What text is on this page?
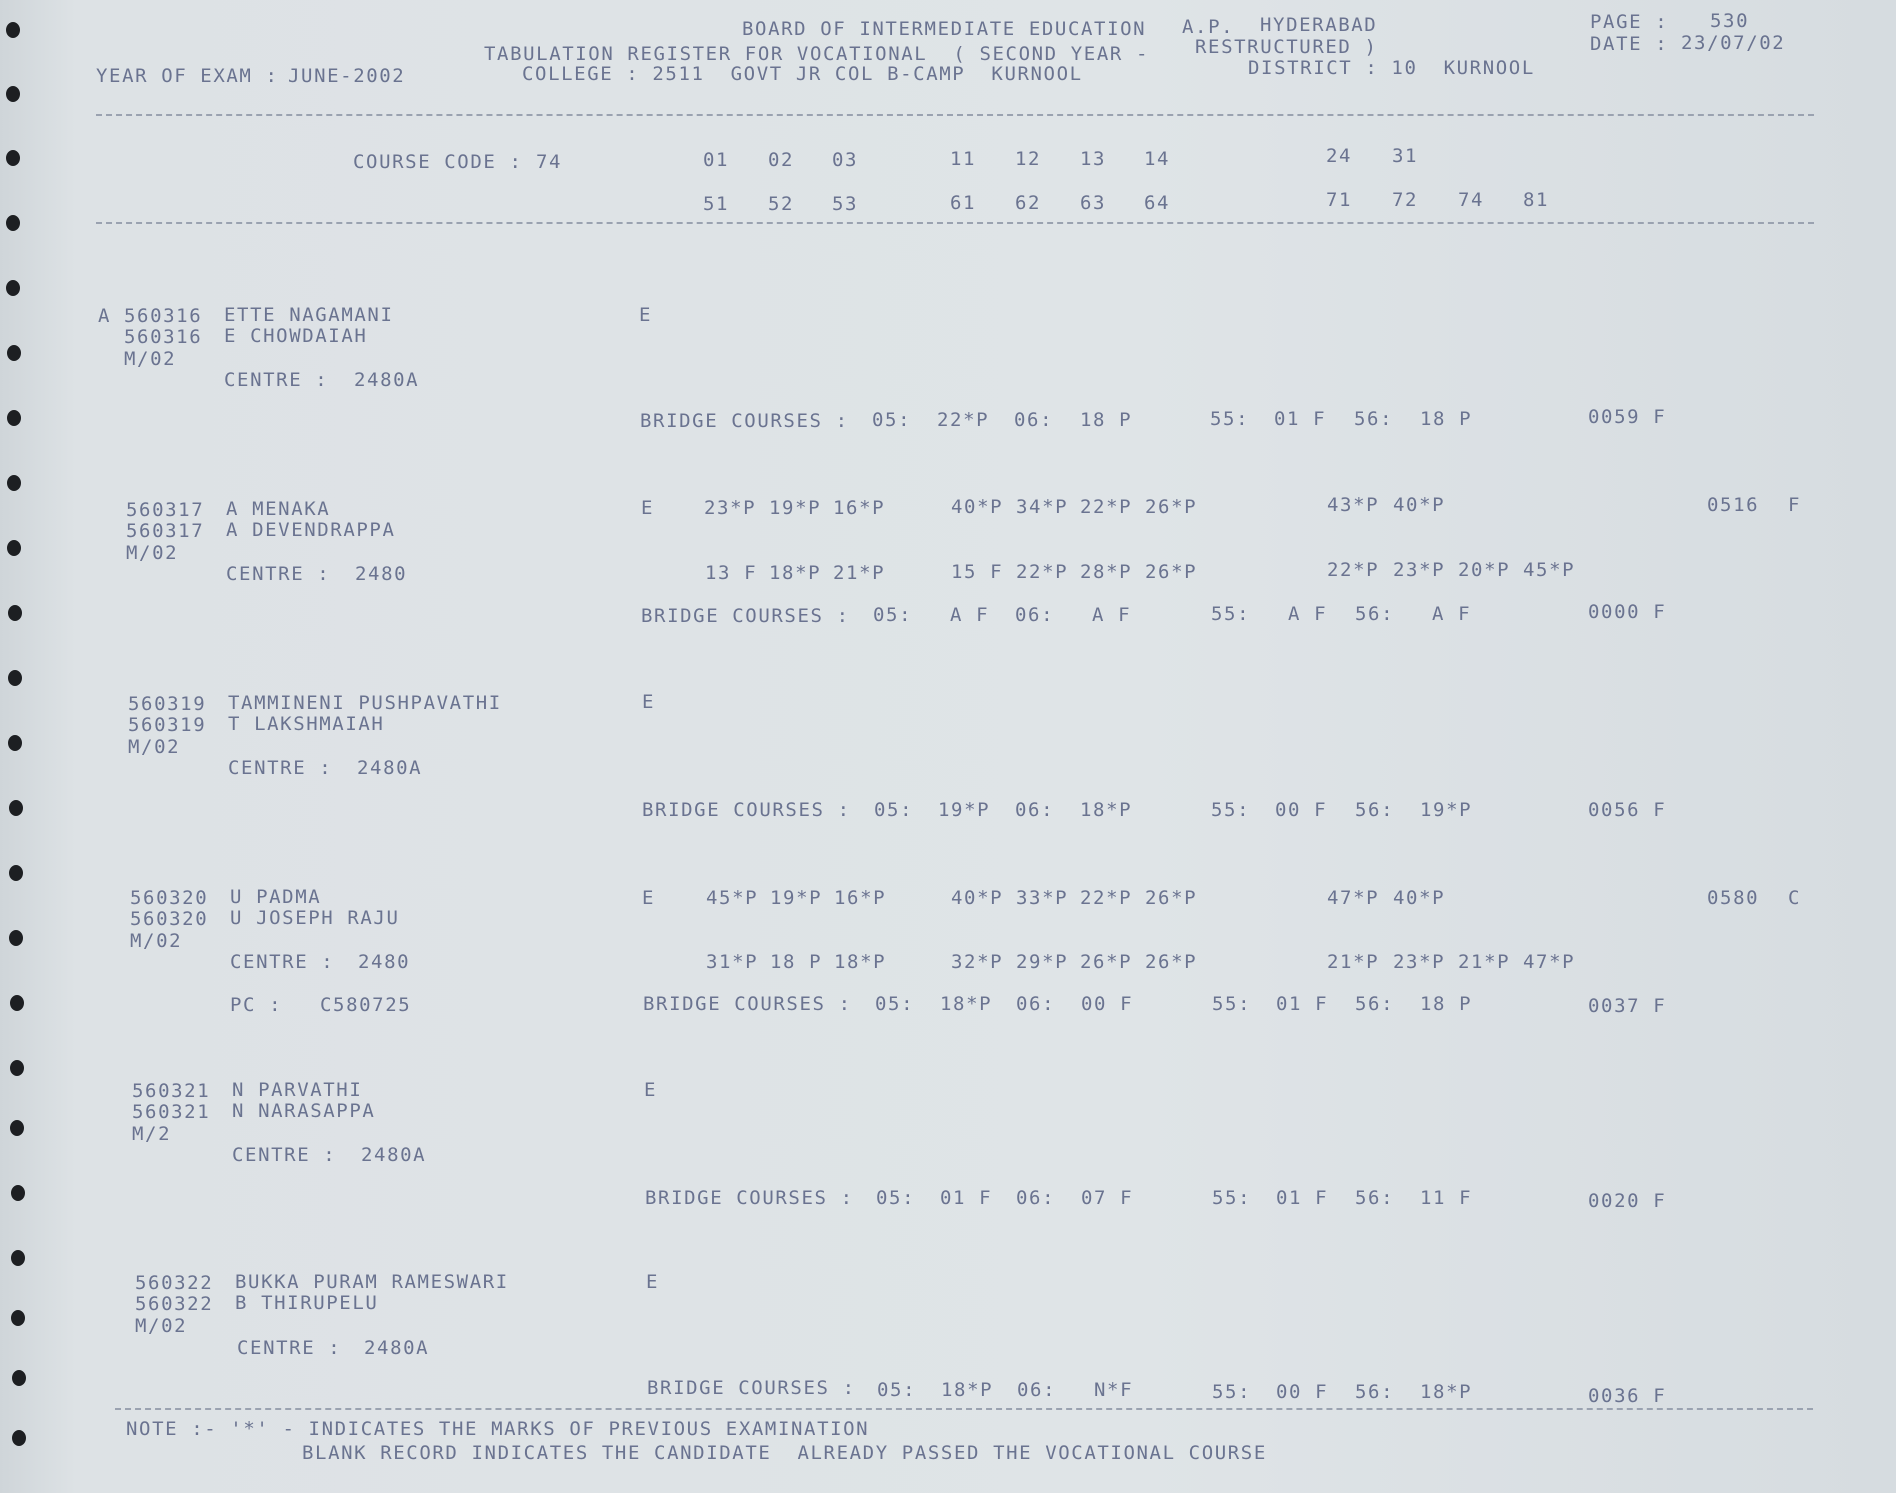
BOARD OF INTERMEDIATE EDUCATION A.P. HYDERABAD	PAGE : 530
TABULATION REGISTER FOR VOCATIONAL  ( SECOND YEAR - RESTRUCTURED )	DATE : 23/07/02
YEAR OF EXAM : JUNE-2002	COLLEGE : 2511  GOVT JR COL B-CAMP  KURNOOL	DISTRICT : 10  KURNOOL
COURSE CODE : 74	01 02 03	11 12 13 14	24 31
51 52 53	61 62 63 64	71 72 74 81
A 560316 ETTE NAGAMANI
560316 E CHOWDAIAH
M/02
CENTRE : 2480A
E
BRIDGE COURSES : 05: 22*P 06: 18 P	55: 01 F 56: 18 P	0059 F
560317 A MENAKA
560317 A DEVENDRAPPA
M/02
CENTRE : 2480
E	23*P 19*P 16*P	40*P 34*P 22*P 26*P	43*P 40*P	0516 F
13 F 18*P 21*P	15 F 22*P 28*P 26*P	22*P 23*P 20*P 45*P
BRIDGE COURSES : 05: A F 06: A F	55: A F 56: A F	0000 F
560319 TAMMINENI PUSHPAVATHI
560319 T LAKSHMAIAH
M/02
CENTRE : 2480A
E
BRIDGE COURSES : 05: 19*P 06: 18*P	55: 00 F 56: 19*P	0056 F
560320 U PADMA
560320 U JOSEPH RAJU
M/02
CENTRE : 2480
PC : C580725
E	45*P 19*P 16*P	40*P 33*P 22*P 26*P	47*P 40*P	0580 C
31*P 18 P 18*P	32*P 29*P 26*P 26*P	21*P 23*P 21*P 47*P
BRIDGE COURSES : 05: 18*P 06: 00 F	55: 01 F 56: 18 P	0037 F
560321 N PARVATHI
560321 N NARASAPPA
M/2
CENTRE : 2480A
E
BRIDGE COURSES : 05: 01 F 06: 07 F	55: 01 F 56: 11 F	0020 F
560322 BUKKA PURAM RAMESWARI
560322 B THIRUPELU
M/02
CENTRE : 2480A
E
BRIDGE COURSES : 05: 18*P 06: N*F	55: 00 F 56: 18*P	0036 F
NOTE :- '*' - INDICATES THE MARKS OF PREVIOUS EXAMINATION
BLANK RECORD INDICATES THE CANDIDATE  ALREADY PASSED THE VOCATIONAL COURSE
